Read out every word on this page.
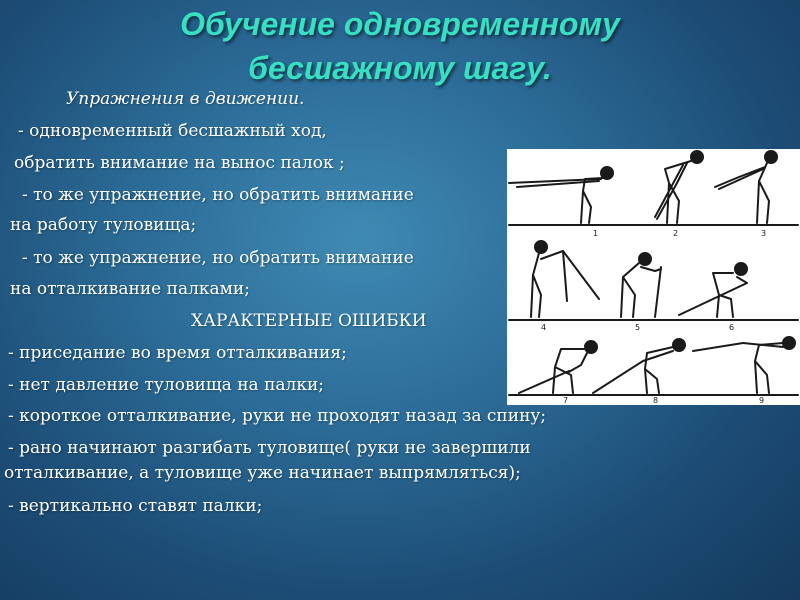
Обучение одновременному
бесшажному шагу.
1	2	3
4	5	6
7	8	9
Упражнения в движении.
- одновременный бесшажный ход,
обратить внимание на вынос палок ;
- то же упражнение, но обратить внимание
на работу туловища;
- то же упражнение, но обратить внимание
на отталкивание палками;
ХАРАКТЕРНЫЕ ОШИБКИ
- приседание во время отталкивания;
- нет давление туловища на палки;
- короткое отталкивание, руки не проходят назад за спину;
- рано начинают разгибать туловище( руки не завершили
отталкивание, а туловище уже начинает выпрямляться);
- вертикально ставят палки;
